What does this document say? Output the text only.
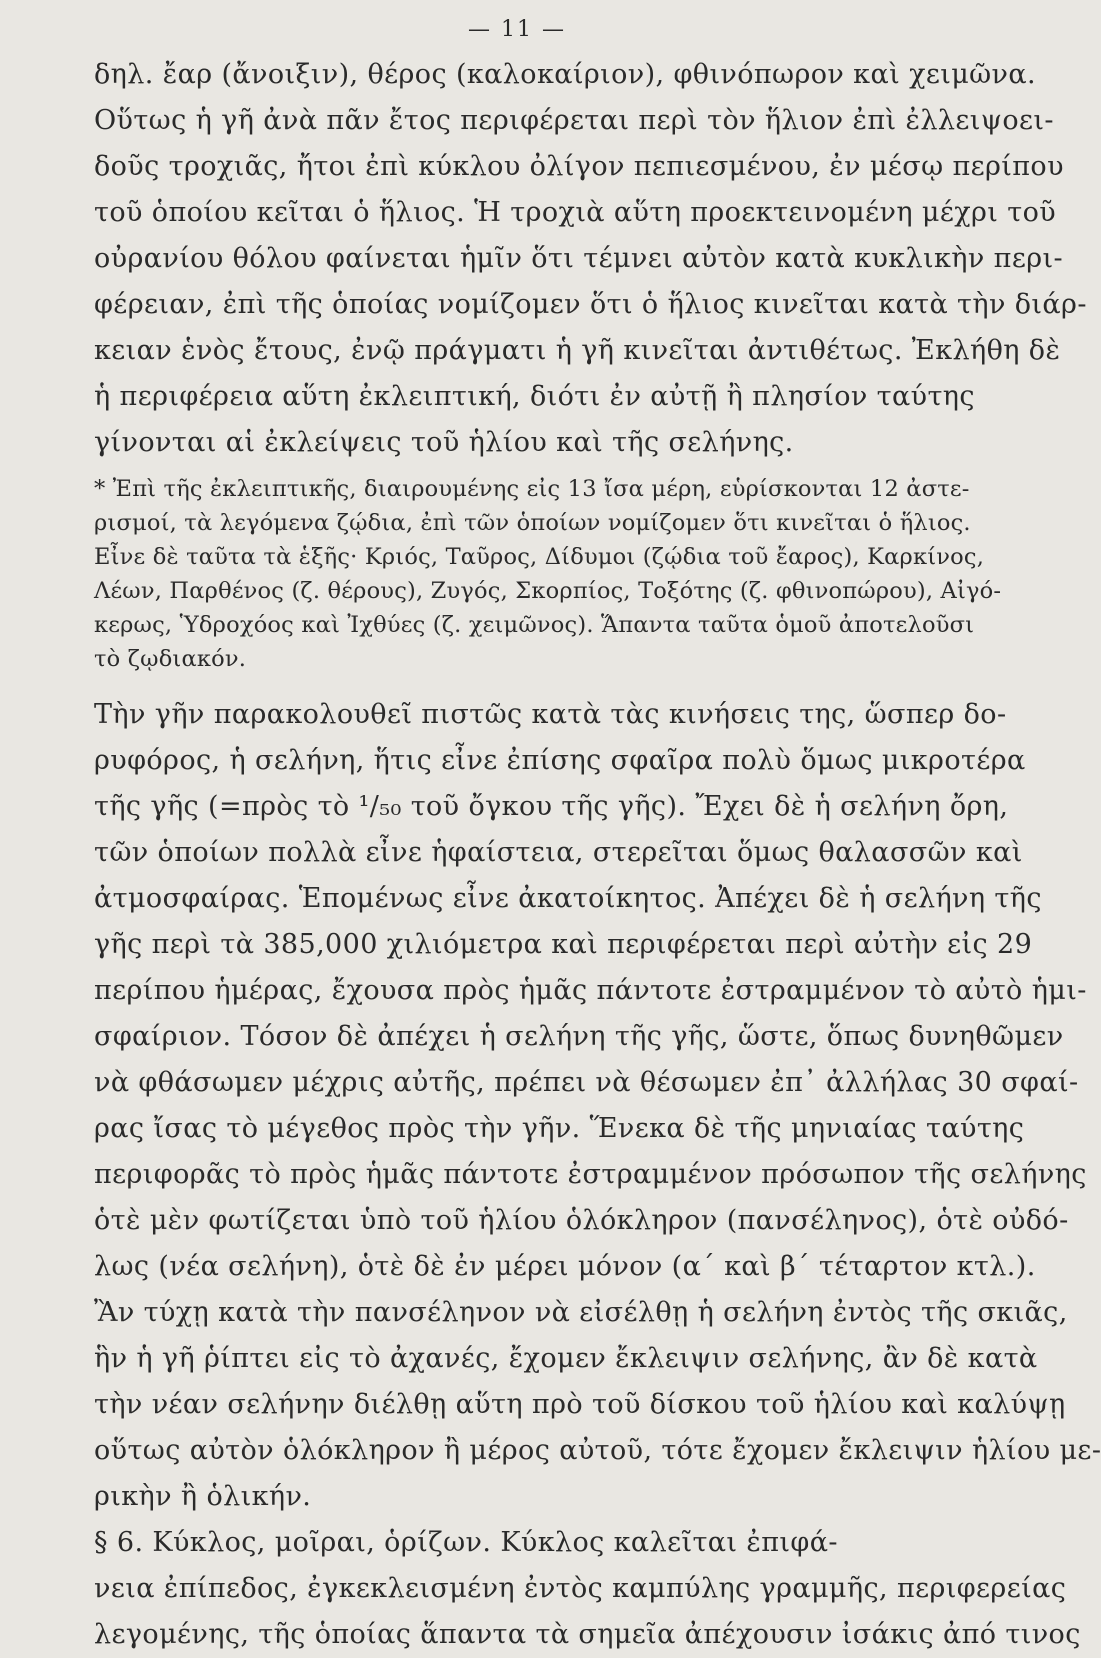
— 11 —
δηλ. ἔαρ (ἄνοιξιν), θέρος (καλοκαίριον), φθινόπωρον καὶ χειμῶνα.
Οὕτως ἡ γῆ ἀνὰ πᾶν ἔτος περιφέρεται περὶ τὸν ἥλιον ἐπὶ ἐλλειψοει-
δοῦς τροχιᾶς, ἤτοι ἐπὶ κύκλου ὀλίγον πεπιεσμένου, ἐν μέσῳ περίπου
τοῦ ὁποίου κεῖται ὁ ἥλιος. Ἡ τροχιὰ αὕτη προεκτεινομένη μέχρι τοῦ
οὐρανίου θόλου φαίνεται ἡμῖν ὅτι τέμνει αὐτὸν κατὰ κυκλικὴν περι-
φέρειαν, ἐπὶ τῆς ὁποίας νομίζομεν ὅτι ὁ ἥλιος κινεῖται κατὰ τὴν διάρ-
κειαν ἑνὸς ἔτους, ἐνῷ πράγματι ἡ γῆ κινεῖται ἀντιθέτως. Ἐκλήθη δὲ
ἡ περιφέρεια αὕτη ἐκλειπτική, διότι ἐν αὐτῇ ἢ πλησίον ταύτης
γίνονται αἱ ἐκλείψεις τοῦ ἡλίου καὶ τῆς σελήνης.
* Ἐπὶ τῆς ἐκλειπτικῆς, διαιρουμένης εἰς 13 ἴσα μέρη, εὑρίσκονται 12 ἀστε-
ρισμοί, τὰ λεγόμενα ζῴδια, ἐπὶ τῶν ὁποίων νομίζομεν ὅτι κινεῖται ὁ ἥλιος.
Εἶνε δὲ ταῦτα τὰ ἑξῆς· Κριός, Ταῦρος, Δίδυμοι (ζῴδια τοῦ ἔαρος), Καρκίνος,
Λέων, Παρθένος (ζ. θέρους), Ζυγός, Σκορπίος, Τοξότης (ζ. φθινοπώρου), Αἰγό-
κερως, Ὑδροχόος καὶ Ἰχθύες (ζ. χειμῶνος). Ἅπαντα ταῦτα ὁμοῦ ἀποτελοῦσι
τὸ ζῳδιακόν.
Τὴν γῆν παρακολουθεῖ πιστῶς κατὰ τὰς κινήσεις της, ὥσπερ δο-
ρυφόρος, ἡ σελήνη, ἥτις εἶνε ἐπίσης σφαῖρα πολὺ ὅμως μικροτέρα
τῆς γῆς (=πρὸς τὸ ¹/₅₀ τοῦ ὄγκου τῆς γῆς). Ἔχει δὲ ἡ σελήνη ὄρη,
τῶν ὁποίων πολλὰ εἶνε ἡφαίστεια, στερεῖται ὅμως θαλασσῶν καὶ
ἀτμοσφαίρας. Ἑπομένως εἶνε ἀκατοίκητος. Ἀπέχει δὲ ἡ σελήνη τῆς
γῆς περὶ τὰ 385,000 χιλιόμετρα καὶ περιφέρεται περὶ αὐτὴν εἰς 29
περίπου ἡμέρας, ἔχουσα πρὸς ἡμᾶς πάντοτε ἐστραμμένον τὸ αὐτὸ ἡμι-
σφαίριον. Τόσον δὲ ἀπέχει ἡ σελήνη τῆς γῆς, ὥστε, ὅπως δυνηθῶμεν
νὰ φθάσωμεν μέχρις αὐτῆς, πρέπει νὰ θέσωμεν ἐπ᾽ ἀλλήλας 30 σφαί-
ρας ἴσας τὸ μέγεθος πρὸς τὴν γῆν. Ἕνεκα δὲ τῆς μηνιαίας ταύτης
περιφορᾶς τὸ πρὸς ἡμᾶς πάντοτε ἐστραμμένον πρόσωπον τῆς σελήνης
ὁτὲ μὲν φωτίζεται ὑπὸ τοῦ ἡλίου ὁλόκληρον (πανσέληνος), ὁτὲ οὐδό-
λως (νέα σελήνη), ὁτὲ δὲ ἐν μέρει μόνον (α´ καὶ β´ τέταρτον κτλ.).
Ἂν τύχῃ κατὰ τὴν πανσέληνον νὰ εἰσέλθῃ ἡ σελήνη ἐντὸς τῆς σκιᾶς,
ἣν ἡ γῆ ῥίπτει εἰς τὸ ἀχανές, ἔχομεν ἔκλειψιν σελήνης, ἂν δὲ κατὰ
τὴν νέαν σελήνην διέλθῃ αὕτη πρὸ τοῦ δίσκου τοῦ ἡλίου καὶ καλύψῃ
οὕτως αὐτὸν ὁλόκληρον ἢ μέρος αὐτοῦ, τότε ἔχομεν ἔκλειψιν ἡλίου με-
ρικὴν ἢ ὁλικήν.
§ 6. Κύκλος, μοῖραι, ὁρίζων. Κύκλος καλεῖται ἐπιφά-
νεια ἐπίπεδος, ἐγκεκλεισμένη ἐντὸς καμπύλης γραμμῆς, περιφερείας
λεγομένης, τῆς ὁποίας ἅπαντα τὰ σημεῖα ἀπέχουσιν ἰσάκις ἀπό τινος
